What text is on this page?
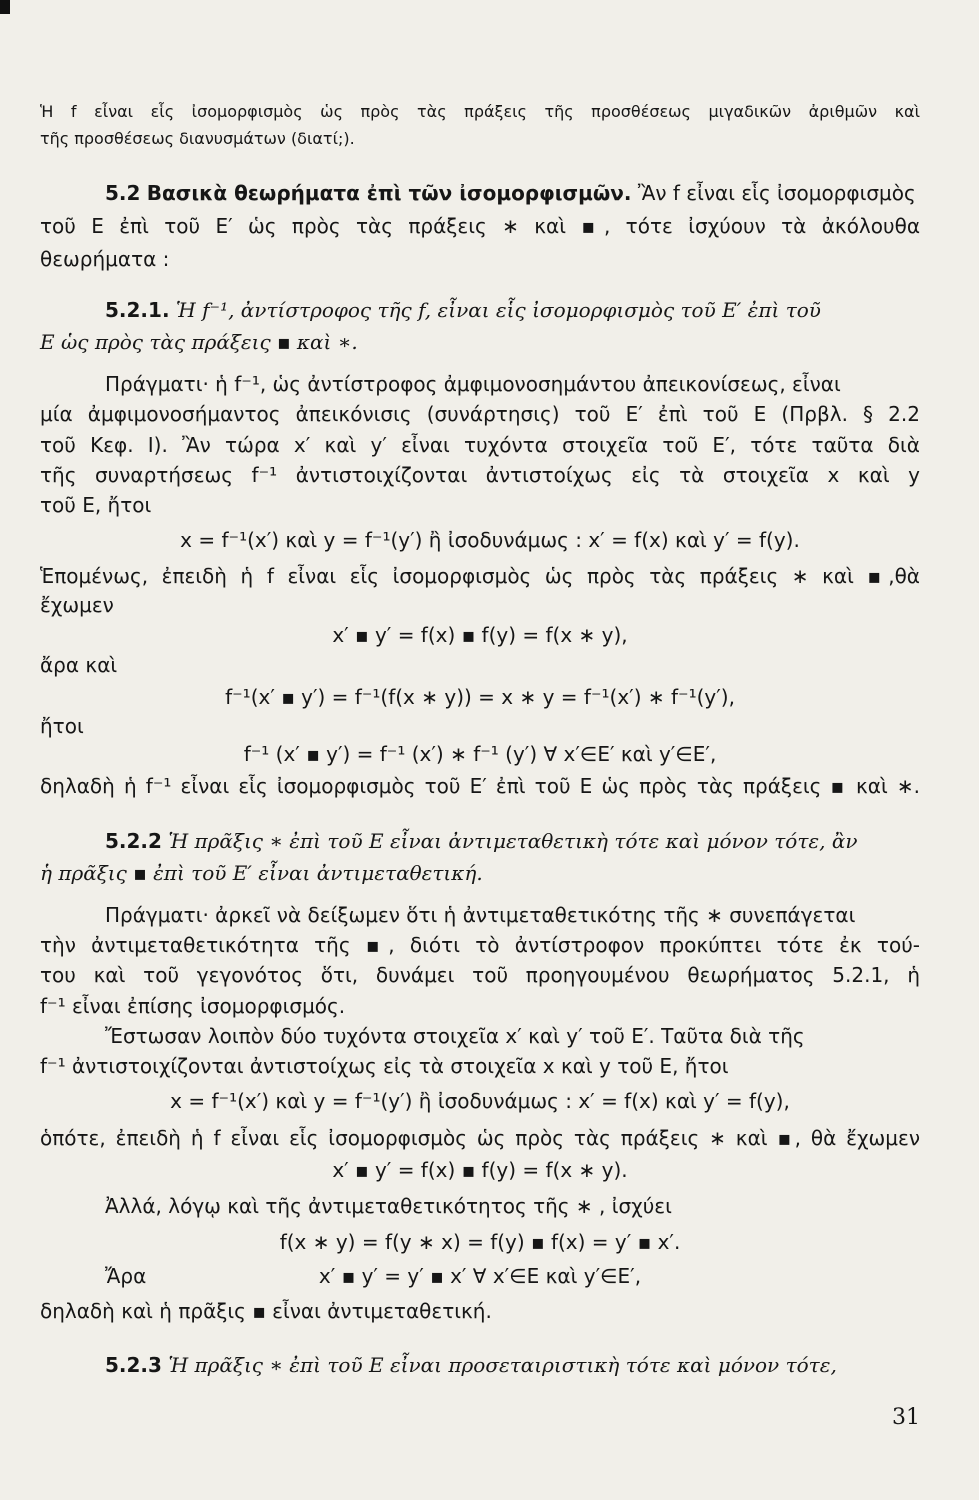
Ἡ f εἶναι εἷς ἰσομορφισμὸς ὡς πρὸς τὰς πράξεις τῆς προσθέσεως μιγαδικῶν ἀριθμῶν καὶ
τῆς προσθέσεως διανυσμάτων (διατί;).
5.2 Βασικὰ θεωρήματα ἐπὶ τῶν ἰσομορφισμῶν. Ἂν f εἶναι εἷς ἰσομορφισμὸς
τοῦ E ἐπὶ τοῦ E′ ὡς πρὸς τὰς πράξεις ∗ καὶ ▪, τότε ἰσχύουν τὰ ἀκόλουθα
θεωρήματα :
5.2.1. Ἡ f⁻¹, ἀντίστροφος τῆς f, εἶναι εἷς ἰσομορφισμὸς τοῦ E′ ἐπὶ τοῦ
E ὡς πρὸς τὰς πράξεις ▪ καὶ ∗.
Πράγματι· ἡ f⁻¹, ὡς ἀντίστροφος ἀμφιμονοσημάντου ἀπεικονίσεως, εἶναι
μία ἀμφιμονοσήμαντος ἀπεικόνισις (συνάρτησις) τοῦ E′ ἐπὶ τοῦ E (Πρβλ. § 2.2
τοῦ Κεφ. I). Ἂν τώρα x′ καὶ y′ εἶναι τυχόντα στοιχεῖα τοῦ E′, τότε ταῦτα διὰ
τῆς συναρτήσεως f⁻¹ ἀντιστοιχίζονται ἀντιστοίχως εἰς τὰ στοιχεῖα x καὶ y
τοῦ E, ἤτοι
x = f⁻¹(x′) καὶ y = f⁻¹(y′) ἢ ἰσοδυνάμως : x′ = f(x) καὶ y′ = f(y).
Ἑπομένως, ἐπειδὴ ἡ f εἶναι εἷς ἰσομορφισμὸς ὡς πρὸς τὰς πράξεις ∗ καὶ ▪,θὰ
ἔχωμεν
x′ ▪ y′ = f(x) ▪ f(y) = f(x ∗ y),
ἄρα καὶ
f⁻¹(x′ ▪ y′) = f⁻¹(f(x ∗ y)) = x ∗ y = f⁻¹(x′) ∗ f⁻¹(y′),
ἤτοι
f⁻¹ (x′ ▪ y′) = f⁻¹ (x′) ∗ f⁻¹ (y′) ∀ x′∈E′ καὶ y′∈E′,
δηλαδὴ ἡ f⁻¹ εἶναι εἷς ἰσομορφισμὸς τοῦ E′ ἐπὶ τοῦ E ὡς πρὸς τὰς πράξεις ▪ καὶ ∗.
5.2.2 Ἡ πρᾶξις ∗ ἐπὶ τοῦ E εἶναι ἀντιμεταθετικὴ τότε καὶ μόνον τότε, ἂν
ἡ πρᾶξις ▪ ἐπὶ τοῦ E′ εἶναι ἀντιμεταθετική.
Πράγματι· ἀρκεῖ νὰ δείξωμεν ὅτι ἡ ἀντιμεταθετικότης τῆς ∗ συνεπάγεται
τὴν ἀντιμεταθετικότητα τῆς ▪, διότι τὸ ἀντίστροφον προκύπτει τότε ἐκ τού-
του καὶ τοῦ γεγονότος ὅτι, δυνάμει τοῦ προηγουμένου θεωρήματος 5.2.1, ἡ
f⁻¹ εἶναι ἐπίσης ἰσομορφισμός.
Ἔστωσαν λοιπὸν δύο τυχόντα στοιχεῖα x′ καὶ y′ τοῦ E′. Ταῦτα διὰ τῆς
f⁻¹ ἀντιστοιχίζονται ἀντιστοίχως εἰς τὰ στοιχεῖα x καὶ y τοῦ E, ἤτοι
x = f⁻¹(x′) καὶ y = f⁻¹(y′) ἢ ἰσοδυνάμως : x′ = f(x) καὶ y′ = f(y),
ὁπότε, ἐπειδὴ ἡ f εἶναι εἷς ἰσομορφισμὸς ὡς πρὸς τὰς πράξεις ∗ καὶ ▪, θὰ ἔχωμεν
x′ ▪ y′ = f(x) ▪ f(y) = f(x ∗ y).
Ἀλλά, λόγῳ καὶ τῆς ἀντιμεταθετικότητος τῆς ∗ , ἰσχύει
f(x ∗ y) = f(y ∗ x) = f(y) ▪ f(x) = y′ ▪ x′.
Ἄρα	x′ ▪ y′ = y′ ▪ x′ ∀ x′∈E καὶ y′∈E′,
δηλαδὴ καὶ ἡ πρᾶξις ▪ εἶναι ἀντιμεταθετική.
5.2.3 Ἡ πρᾶξις ∗ ἐπὶ τοῦ E εἶναι προσεταιριστικὴ τότε καὶ μόνον τότε,
31
